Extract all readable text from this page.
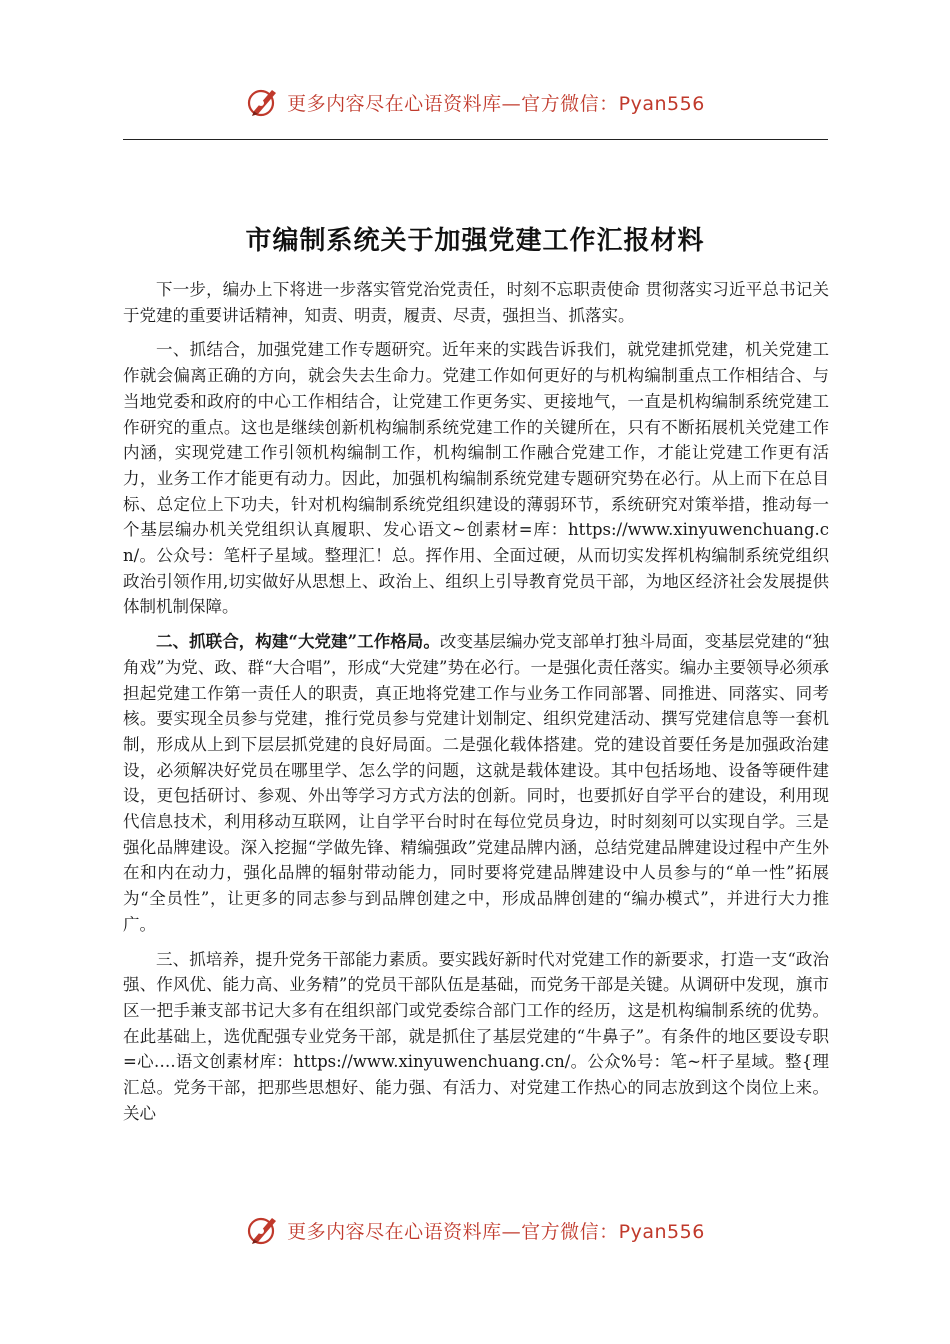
更多内容尽在心语资料库—官方微信：Pyan556
市编制系统关于加强党建工作汇报材料

下一步，编办上下将进一步落实管党治党责任，时刻不忘职责使命 贯彻落实习近平总书记关于党建的重要讲话精神，知责、明责，履责、尽责，强担当、抓落实。

一、抓结合，加强党建工作专题研究。近年来的实践告诉我们，就党建抓党建，机关党建工作就会偏离正确的方向，就会失去生命力。党建工作如何更好的与机构编制重点工作相结合、与当地党委和政府的中心工作相结合，让党建工作更务实、更接地气，一直是机构编制系统党建工作研究的重点。这也是继续创新机构编制系统党建工作的关键所在，只有不断拓展机关党建工作内涵，实现党建工作引领机构编制工作，机构编制工作融合党建工作，才能让党建工作更有活力，业务工作才能更有动力。因此，加强机构编制系统党建专题研究势在必行。从上而下在总目标、总定位上下功夫，针对机构编制系统党组织建设的薄弱环节，系统研究对策举措，推动每一个基层编办机关党组织认真履职、发心语文~创素材=库：https://www.xinyuwenchuang.cn/。公众号：笔杆子星域。整理汇！总。挥作用、全面过硬，从而切实发挥机构编制系统党组织政治引领作用,切实做好从思想上、政治上、组织上引导教育党员干部，为地区经济社会发展提供体制机制保障。

二、抓联合，构建“大党建”工作格局。改变基层编办党支部单打独斗局面，变基层党建的“独角戏”为党、政、群“大合唱”，形成“大党建”势在必行。一是强化责任落实。编办主要领导必须承担起党建工作第一责任人的职责，真正地将党建工作与业务工作同部署、同推进、同落实、同考核。要实现全员参与党建，推行党员参与党建计划制定、组织党建活动、撰写党建信息等一套机制，形成从上到下层层抓党建的良好局面。二是强化载体搭建。党的建设首要任务是加强政治建设，必须解决好党员在哪里学、怎么学的问题，这就是载体建设。其中包括场地、设备等硬件建设，更包括研讨、参观、外出等学习方式方法的创新。同时，也要抓好自学平台的建设，利用现代信息技术，利用移动互联网，让自学平台时时在每位党员身边，时时刻刻可以实现自学。三是强化品牌建设。深入挖掘“学做先锋、精编强政”党建品牌内涵，总结党建品牌建设过程中产生外在和内在动力，强化品牌的辐射带动能力，同时要将党建品牌建设中人员参与的“单一性”拓展为“全员性”，让更多的同志参与到品牌创建之中，形成品牌创建的“编办模式”，并进行大力推广。

三、抓培养，提升党务干部能力素质。要实践好新时代对党建工作的新要求，打造一支“政治强、作风优、能力高、业务精”的党员干部队伍是基础，而党务干部是关键。从调研中发现，旗市区一把手兼支部书记大多有在组织部门或党委综合部门工作的经历，这是机构编制系统的优势。在此基础上，选优配强专业党务干部，就是抓住了基层党建的“牛鼻子”。有条件的地区要设专职=心….语文创素材库：https://www.xinyuwenchuang.cn/。公众%号：笔~杆子星域。整{理汇总。党务干部，把那些思想好、能力强、有活力、对党建工作热心的同志放到这个岗位上来。关心

更多内容尽在心语资料库—官方微信：Pyan556
